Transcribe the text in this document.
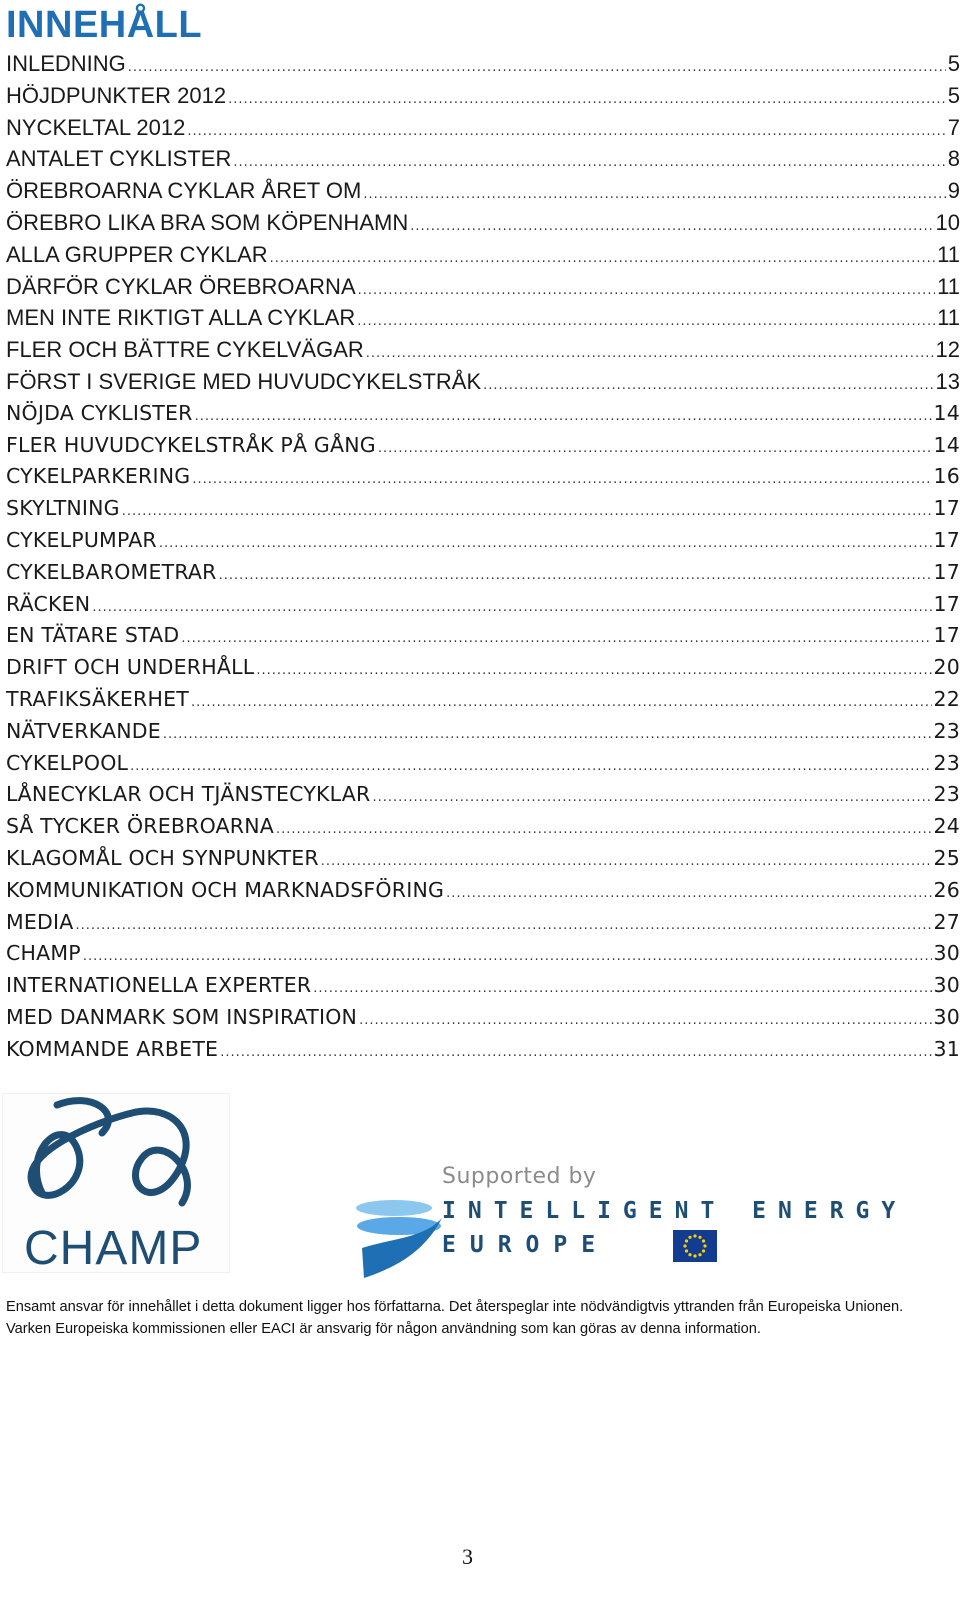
INNEHÅLL
INLEDNING .....	5
HÖJDPUNKTER 2012 .....	5
NYCKELTAL 2012 .....	7
ANTALET CYKLISTER .....	8
ÖREBROARNA CYKLAR ÅRET OM .....	9
ÖREBRO LIKA BRA SOM KÖPENHAMN .....	10
ALLA GRUPPER CYKLAR .....	11
DÄRFÖR CYKLAR ÖREBROARNA .....	11
MEN INTE RIKTIGT ALLA CYKLAR .....	11
FLER OCH BÄTTRE CYKELVÄGAR .....	12
FÖRST I SVERIGE MED HUVUDCYKELSTRÅK .....	13
NÖJDA CYKLISTER .....	14
FLER HUVUDCYKELSTRÅK PÅ GÅNG .....	14
CYKELPARKERING .....	16
SKYLTNING .....	17
CYKELPUMPAR .....	17
CYKELBAROMETRAR .....	17
RÄCKEN .....	17
EN TÄTARE STAD .....	17
DRIFT OCH UNDERHÅLL .....	20
TRAFIKSÄKERHET .....	22
NÄTVERKANDE .....	23
CYKELPOOL .....	23
LÅNECYKLAR OCH TJÄNSTECYKLAR .....	23
SÅ TYCKER ÖREBROARNA .....	24
KLAGOMÅL OCH SYNPUNKTER .....	25
KOMMUNIKATION OCH MARKNADSFÖRING .....	26
MEDIA .....	27
CHAMP .....	30
INTERNATIONELLA EXPERTER .....	30
MED DANMARK SOM INSPIRATION .....	30
KOMMANDE ARBETE .....	31
CHAMP
Supported by
INTELLIGENT ENERGY
EUROPE
Ensamt ansvar för innehållet i detta dokument ligger hos författarna. Det återspeglar inte nödvändigtvis yttranden från Europeiska Unionen. Varken Europeiska kommissionen eller EACI är ansvarig för någon användning som kan göras av denna information.
3
